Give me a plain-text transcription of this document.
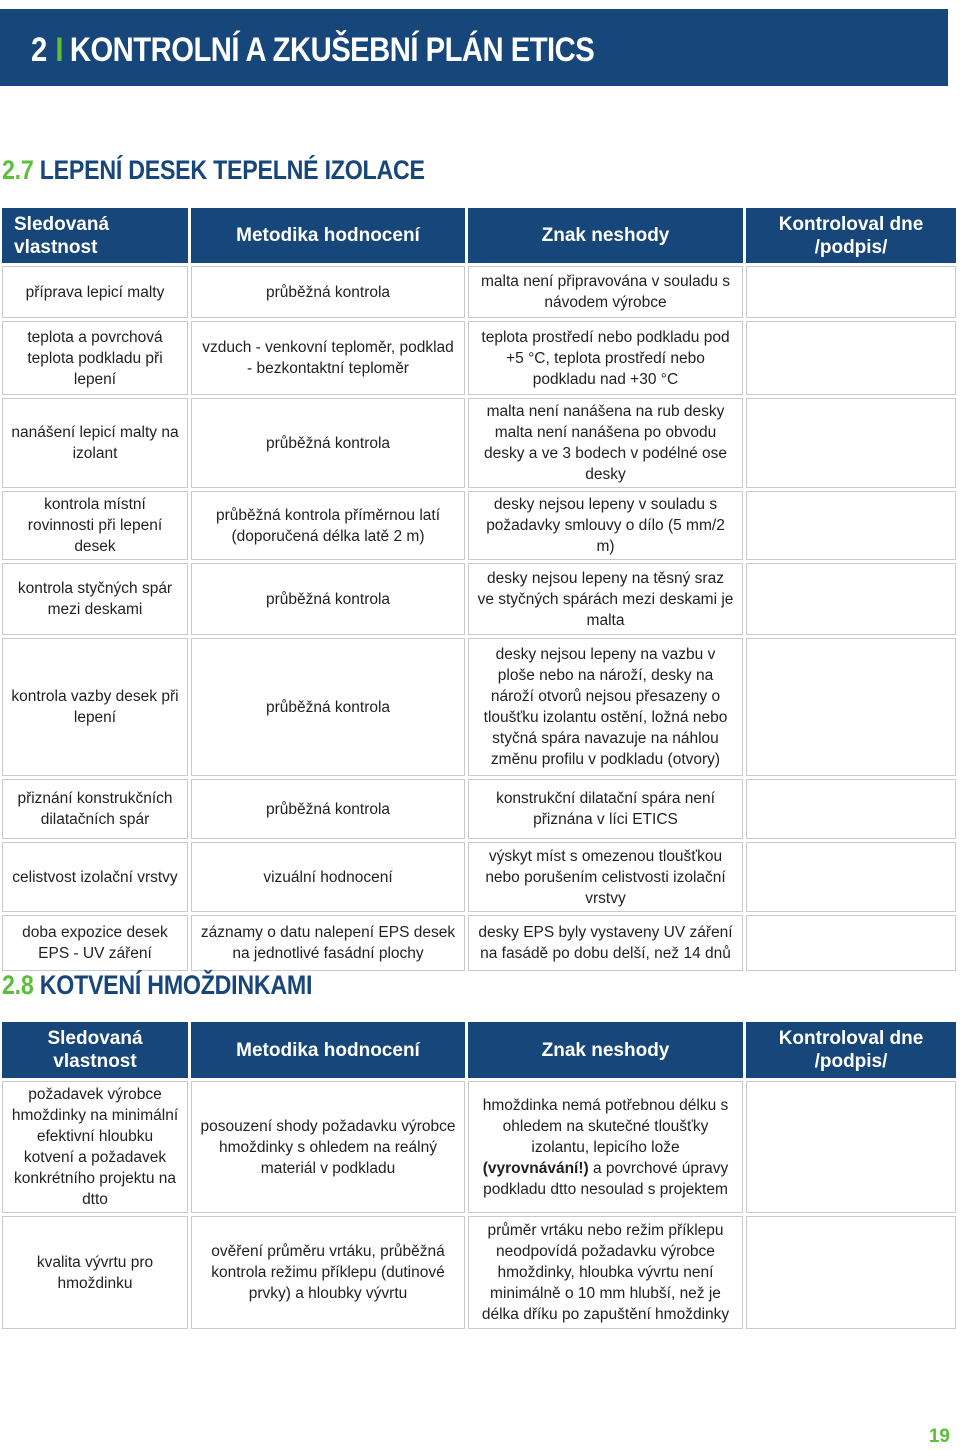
2 I KONTROLNÍ A ZKUŠEBNÍ PLÁN ETICS
2.7 LEPENÍ DESEK TEPELNÉ IZOLACE
Sledovaná vlastnost	Metodika hodnocení	Znak neshody	Kontroloval dne /podpis/
příprava lepicí malty	průběžná kontrola	malta není připravována v souladu s návodem výrobce	
teplota a povrchová teplota podkladu při lepení	vzduch - venkovní teploměr, podklad - bezkontaktní teploměr	teplota prostředí nebo podkladu pod +5 °C, teplota prostředí nebo podkladu nad +30 °C	
nanášení lepicí malty na izolant	průběžná kontrola	malta není nanášena na rub desky malta není nanášena po obvodu desky a ve 3 bodech v podélné ose desky	
kontrola místní rovinnosti při lepení desek	průběžná kontrola příměrnou latí (doporučená délka latě 2 m)	desky nejsou lepeny v souladu s požadavky smlouvy o dílo (5 mm/2 m)	
kontrola styčných spár mezi deskami	průběžná kontrola	desky nejsou lepeny na těsný sraz ve styčných spárách mezi deskami je malta	
kontrola vazby desek při lepení	průběžná kontrola	desky nejsou lepeny na vazbu v ploše nebo na nároží, desky na nároží otvorů nejsou přesazeny o tloušťku izolantu ostění, ložná nebo styčná spára navazuje na náhlou změnu profilu v podkladu (otvory)	
přiznání konstrukčních dilatačních spár	průběžná kontrola	konstrukční dilatační spára není přiznána v líci ETICS	
celistvost izolační vrstvy	vizuální hodnocení	výskyt míst s omezenou tloušťkou nebo porušením celistvosti izolační vrstvy	
doba expozice desek EPS - UV záření	záznamy o datu nalepení EPS desek na jednotlivé fasádní plochy	desky EPS byly vystaveny UV záření na fasádě po dobu delší, než 14 dnů	
2.8 KOTVENÍ HMOŽDINKAMI
Sledovaná vlastnost	Metodika hodnocení	Znak neshody	Kontroloval dne /podpis/
požadavek výrobce hmoždinky na minimální efektivní hloubku kotvení a požadavek konkrétního projektu na dtto	posouzení shody požadavku výrobce hmoždinky s ohledem na reálný materiál v podkladu	hmoždinka nemá potřebnou délku s ohledem na skutečné tloušťky izolantu, lepicího lože (vyrovnávání!) a povrchové úpravy podkladu dtto nesoulad s projektem	
kvalita vývrtu pro hmoždinku	ověření průměru vrtáku, průběžná kontrola režimu příklepu (dutinové prvky) a hloubky vývrtu	průměr vrtáku nebo režim příklepu neodpovídá požadavku výrobce hmoždinky, hloubka vývrtu není minimálně o 10 mm hlubší, než je délka dříku po zapuštění hmoždinky	
19
